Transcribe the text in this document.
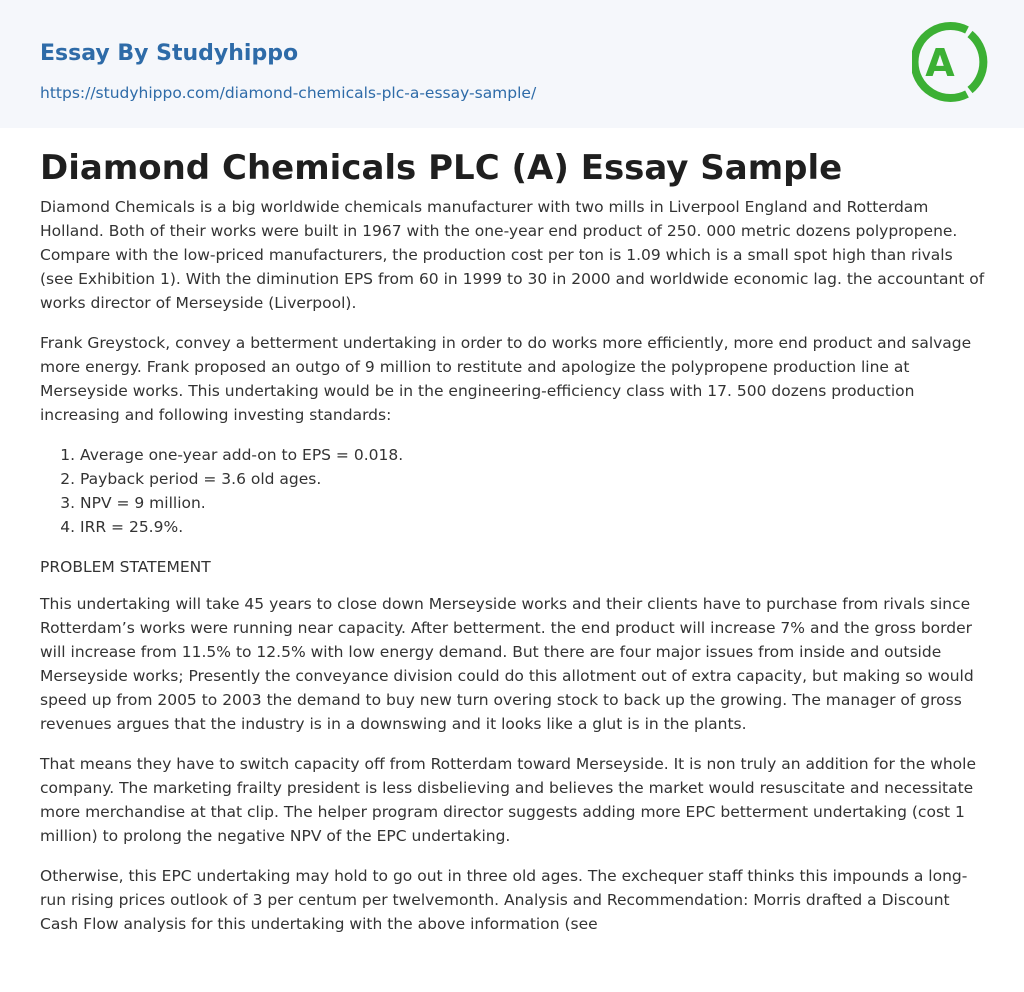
Essay By Studyhippo
https://studyhippo.com/diamond-chemicals-plc-a-essay-sample/
A
Diamond Chemicals PLC (A) Essay Sample

Diamond Chemicals is a big worldwide chemicals manufacturer with two mills in Liverpool England and Rotterdam Holland. Both of their works were built in 1967 with the one-year end product of 250. 000 metric dozens polypropene. Compare with the low-priced manufacturers, the production cost per ton is 1.09 which is a small spot high than rivals (see Exhibition 1). With the diminution EPS from 60 in 1999 to 30 in 2000 and worldwide economic lag. the accountant of works director of Merseyside (Liverpool).

Frank Greystock, convey a betterment undertaking in order to do works more efficiently, more end product and salvage more energy. Frank proposed an outgo of 9 million to restitute and apologize the polypropene production line at Merseyside works. This undertaking would be in the engineering-efficiency class with 17. 500 dozens production increasing and following investing standards:

1. Average one-year add-on to EPS = 0.018.
2. Payback period = 3.6 old ages.
3. NPV = 9 million.
4. IRR = 25.9%.
PROBLEM STATEMENT

This undertaking will take 45 years to close down Merseyside works and their clients have to purchase from rivals since Rotterdam’s works were running near capacity. After betterment. the end product will increase 7% and the gross border will increase from 11.5% to 12.5% with low energy demand. But there are four major issues from inside and outside Merseyside works; Presently the conveyance division could do this allotment out of extra capacity, but making so would speed up from 2005 to 2003 the demand to buy new turn overing stock to back up the growing. The manager of gross revenues argues that the industry is in a downswing and it looks like a glut is in the plants.

That means they have to switch capacity off from Rotterdam toward Merseyside. It is non truly an addition for the whole company. The marketing frailty president is less disbelieving and believes the market would resuscitate and necessitate more merchandise at that clip. The helper program director suggests adding more EPC betterment undertaking (cost 1 million) to prolong the negative NPV of the EPC undertaking.

Otherwise, this EPC undertaking may hold to go out in three old ages. The exchequer staff thinks this impounds a long-run rising prices outlook of 3 per centum per twelvemonth. Analysis and Recommendation: Morris drafted a Discount Cash Flow analysis for this undertaking with the above information (see
